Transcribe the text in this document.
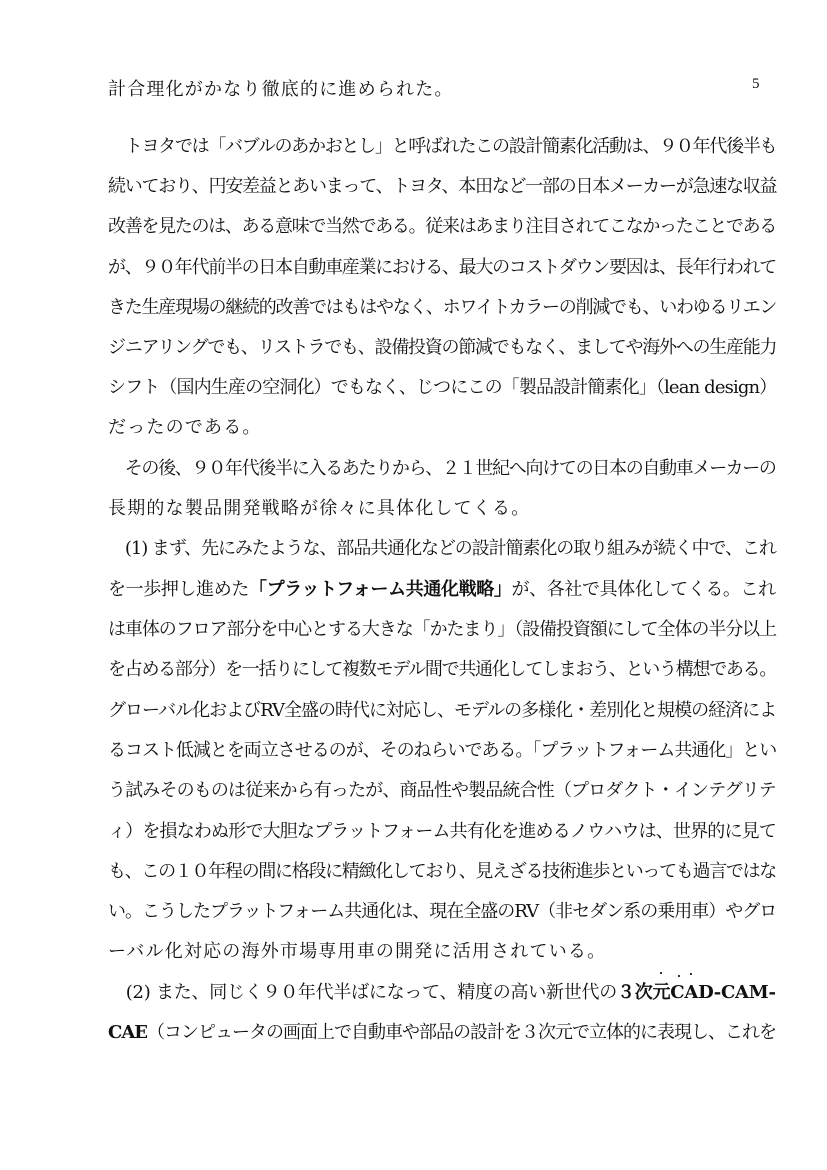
5
計合理化がかなり徹底的に進められた。
　トヨタでは「バブルのあかおとし」と呼ばれたこの設計簡素化活動は、９０年代後半も
続いており、円安差益とあいまって、トヨタ、本田など一部の日本メーカーが急速な収益
改善を見たのは、ある意味で当然である。従来はあまり注目されてこなかったことである
が、９０年代前半の日本自動車産業における、最大のコストダウン要因は、長年行われて
きた生産現場の継続的改善ではもはやなく、ホワイトカラーの削減でも、いわゆるリエン
ジニアリングでも、リストラでも、設備投資の節減でもなく、ましてや海外への生産能力
シフト（国内生産の空洞化）でもなく、じつにこの「製品設計簡素化」（lean design）
だったのである。
　その後、９０年代後半に入るあたりから、２１世紀へ向けての日本の自動車メーカーの
長期的な製品開発戦略が徐々に具体化してくる。
　(1) まず、先にみたような、部品共通化などの設計簡素化の取り組みが続く中で、これ
を一歩押し進めた「プラットフォーム共通化戦略」が、各社で具体化してくる。これ
は車体のフロア部分を中心とする大きな「かたまり」（設備投資額にして全体の半分以上
を占める部分）を一括りにして複数モデル間で共通化してしまおう、という構想である。
グローバル化およびRV全盛の時代に対応し、モデルの多様化・差別化と規模の経済によ
るコスト低減とを両立させるのが、そのねらいである。「プラットフォーム共通化」とい
う試みそのものは従来から有ったが、商品性や製品統合性（プロダクト・インテグリテ
ィ）を損なわぬ形で大胆なプラットフォーム共有化を進めるノウハウは、世界的に見て
も、この１０年程の間に格段に精緻化しており、見えざる技術進歩といっても過言ではな
い。こうしたプラットフォーム共通化は、現在全盛のRV（非セダン系の乗用車）やグロ
ーバル化対応の海外市場専用車の開発に活用されている。
　(2) また、同じく９０年代半ばになって、精度の高い新世代の３次元CAD-CAM-
CAE（コンピュータの画面上で自動車や部品の設計を３次元で立体的に表現し、これを
